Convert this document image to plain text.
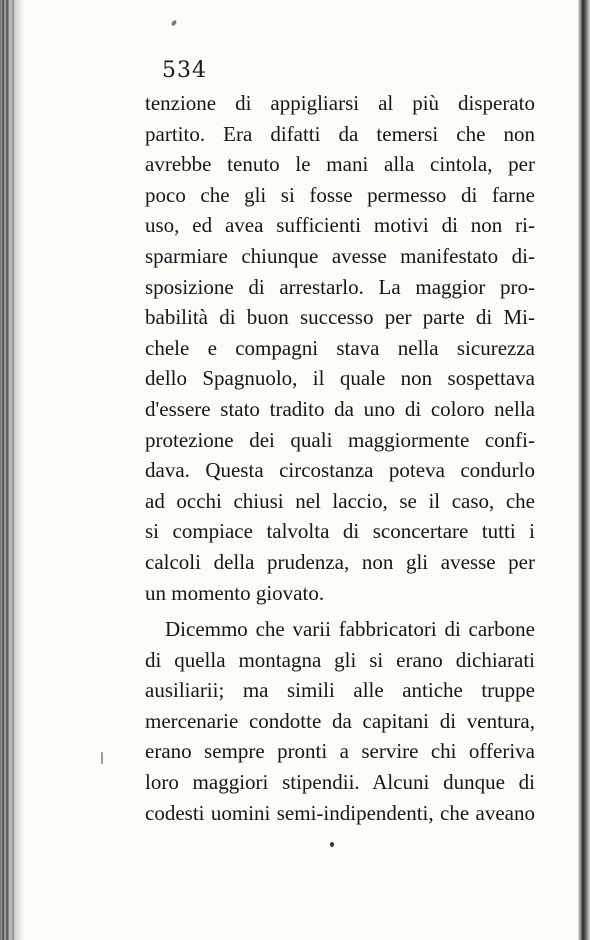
534
tenzione di appigliarsi al più disperato
partito. Era difatti da temersi che non
avrebbe tenuto le mani alla cintola, per
poco che gli si fosse permesso di farne
uso, ed avea sufficienti motivi di non ri-
sparmiare chiunque avesse manifestato di-
sposizione di arrestarlo. La maggior pro-
babilità di buon successo per parte di Mi-
chele e compagni stava nella sicurezza
dello Spagnuolo, il quale non sospettava
d'essere stato tradito da uno di coloro nella
protezione dei quali maggiormente confi-
dava. Questa circostanza poteva condurlo
ad occhi chiusi nel laccio, se il caso, che
si compiace talvolta di sconcertare tutti i
calcoli della prudenza, non gli avesse per
un momento giovato.
Dicemmo che varii fabbricatori di carbone
di quella montagna gli si erano dichiarati
ausiliarii; ma simili alle antiche truppe
mercenarie condotte da capitani di ventura,
erano sempre pronti a servire chi offeriva
loro maggiori stipendii. Alcuni dunque di
codesti uomini semi-indipendenti, che aveano
